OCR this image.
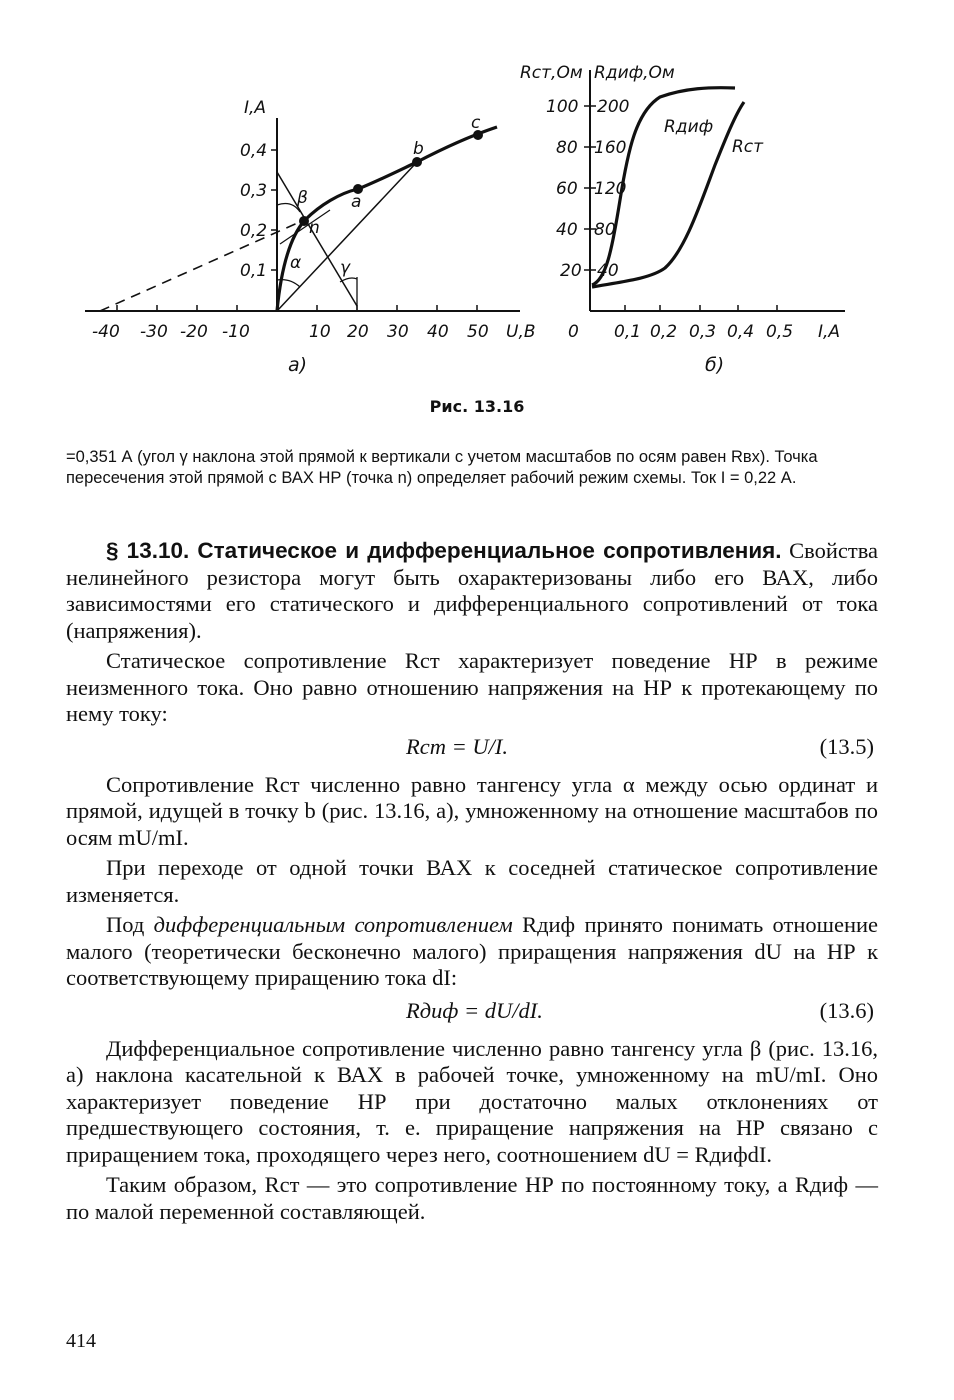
I,A
0,4
0,3
0,2
0,1
-40 -30 -20 -10	10 20 30 40 50 U,B
a
b
c
n
β
α γ
а)
Rст,Ом Rдиф,Ом
100
80
60
40
20
200
160
120
80
40
0 0,1 0,2 0,3 0,4 0,5 I,A
Rдиф
Rст
б)
Рис. 13.16
=0,351 А (угол γ наклона этой прямой к вертикали с учетом масштабов по осям равен Rвх). Точка пересечения этой прямой с ВАХ НР (точка n) определяет рабочий режим схемы. Ток I = 0,22 А.

§ 13.10. Статическое и дифференциальное сопротивления. Свойства нелинейного резистора могут быть охарактеризованы либо его ВАХ, либо зависимостями его статического и дифференциального сопротивлений от тока (напряжения).

Статическое сопротивление Rст характеризует поведение НР в режиме неизменного тока. Оно равно отношению напряжения на НР к протекающему по нему току:

Rст = U/I.	(13.5)

Сопротивление Rст численно равно тангенсу угла α между осью ординат и прямой, идущей в точку b (рис. 13.16, а), умноженному на отношение масштабов по осям mU/mI.

При переходе от одной точки ВАХ к соседней статическое сопротивление изменяется.

Под дифференциальным сопротивлением Rдиф принято понимать отношение малого (теоретически бесконечно малого) приращения напряжения dU на НР к соответствующему приращению тока dI:

Rдиф = dU/dI.	(13.6)

Дифференциальное сопротивление численно равно тангенсу угла β (рис. 13.16, а) наклона касательной к ВАХ в рабочей точке, умноженному на mU/mI. Оно характеризует поведение НР при достаточно малых отклонениях от предшествующего состояния, т. е. приращение напряжения на НР связано с приращением тока, проходящего через него, соотношением dU = RдифdI.

Таким образом, Rст — это сопротивление НР по постоянному току, а Rдиф — по малой переменной составляющей.

414
